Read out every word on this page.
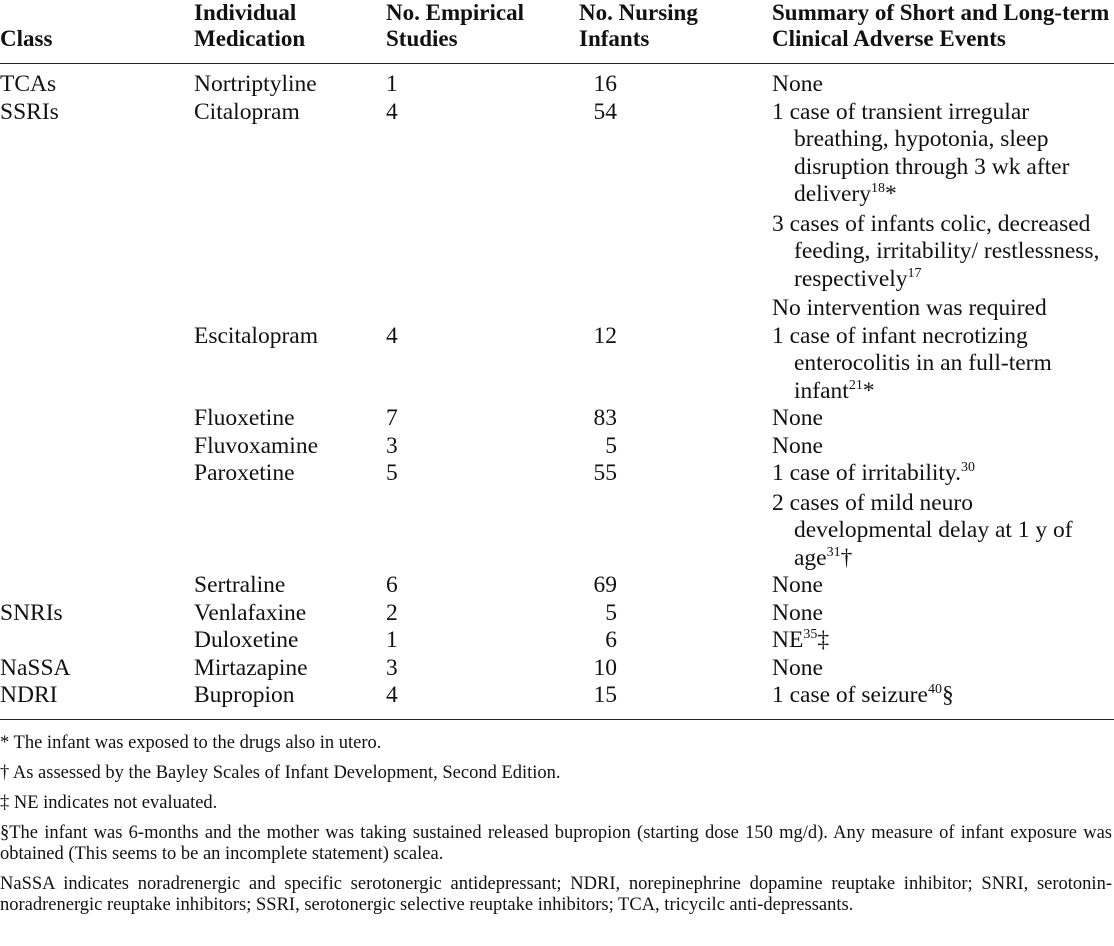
Class	Individual Medication	No. Empirical Studies	No. Nursing Infants	Summary of Short and Long-term Clinical Adverse Events
TCAs	Nortriptyline	1	16	None

SSRIs	Citalopram	4	54	1 case of transient irregular breathing, hypotonia, sleep disruption through 3 wk after delivery$^{18}$*
3 cases of infants colic, decreased feeding, irritability/ restlessness, respectively$^{17}$
No intervention was required

	Escitalopram	4	12	1 case of infant necrotizing enterocolitis in an full-term infant$^{21}$*

	Fluoxetine	7	83	None

	Fluvoxamine	3	5	None

	Paroxetine	5	55	1 case of irritability.$^{30}$
2 cases of mild neuro developmental delay at 1 y of age$^{31}$†

	Sertraline	6	69	None

SNRIs	Venlafaxine	2	5	None

	Duloxetine	1	6	NE$^{35}$‡

NaSSA	Mirtazapine	3	10	None

NDRI	Bupropion	4	15	1 case of seizure$^{40}$§

* The infant was exposed to the drugs also in utero.

† As assessed by the Bayley Scales of Infant Development, Second Edition.

‡ NE indicates not evaluated.

§The infant was 6-months and the mother was taking sustained released bupropion (starting dose 150 mg/d). Any measure of infant exposure was obtained (This seems to be an incomplete statement) scalea.

NaSSA indicates noradrenergic and specific serotonergic antidepressant; NDRI, norepinephrine dopamine reuptake inhibitor; SNRI, serotonin-noradrenergic reuptake inhibitors; SSRI, serotonergic selective reuptake inhibitors; TCA, tricycilc anti-depressants.
